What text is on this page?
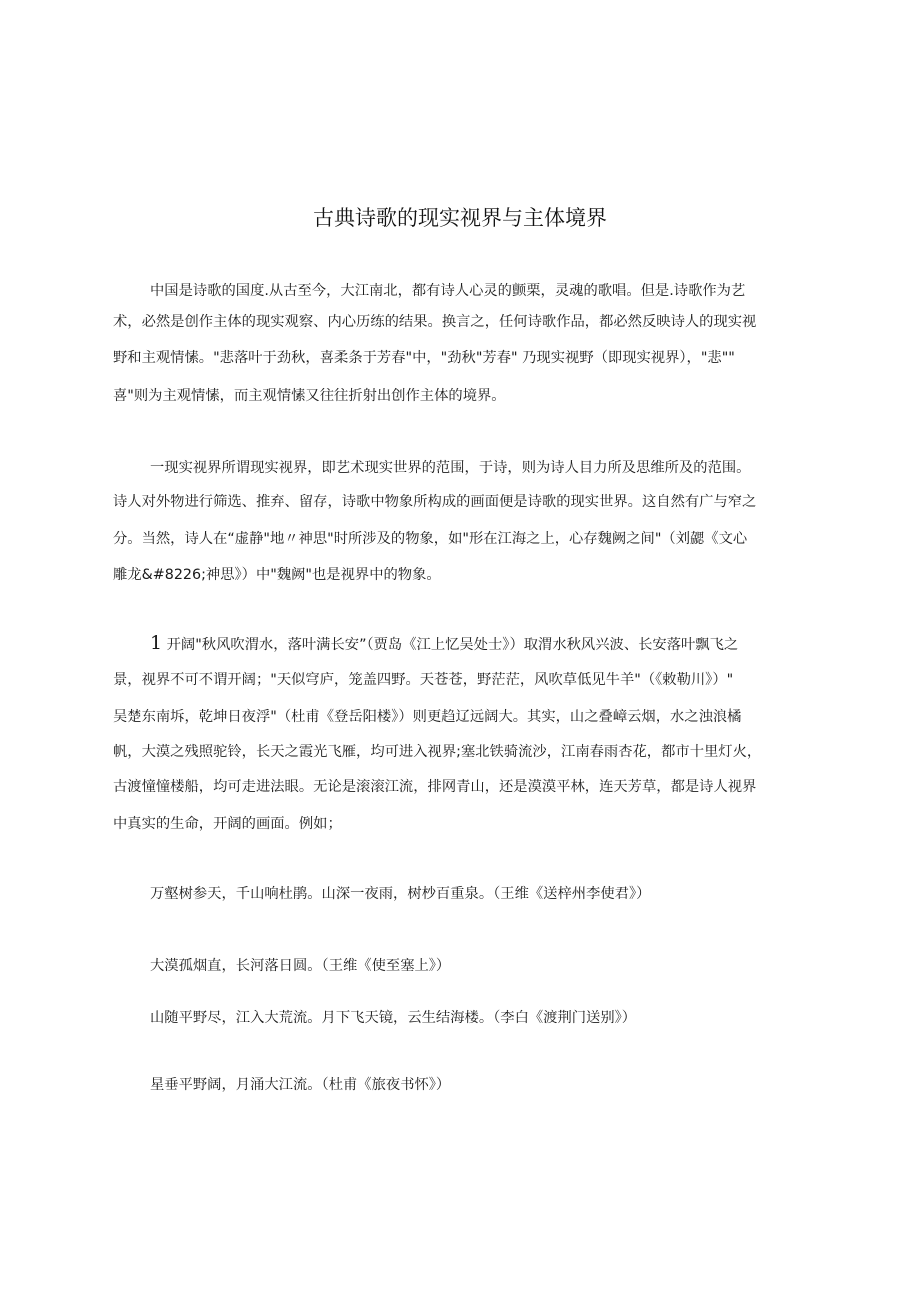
古典诗歌的现实视界与主体境界
中国是诗歌的国度.从古至今，大江南北，都有诗人心灵的颤栗，灵魂的歌唱。但是.诗歌作为艺
术，必然是创作主体的现实观察、内心历练的结果。换言之，任何诗歌作品，都必然反映诗人的现实视
野和主观情愫。"悲落叶于劲秋，喜柔条于芳春"中，"劲秋"芳春" 乃现实视野（即现实视界），"悲""
喜"则为主观情愫，而主观情愫又往往折射出创作主体的境界。
一现实视界所谓现实视界，即艺术现实世界的范围，于诗，则为诗人目力所及思维所及的范围。
诗人对外物进行筛选、推弃、留存，诗歌中物象所构成的画面便是诗歌的现实世界。这自然有广与窄之
分。当然，诗人在“虚静"地〃神思"时所涉及的物象，如"形在江海之上，心存魏阙之间"（刘勰《文心
雕龙&#8226;神思》）中"魏阙"也是视界中的物象。
1 开阔"秋风吹渭水，落叶满长安”（贾岛《江上忆吴处士》）取渭水秋风兴波、长安落叶飘飞之
景，视界不可不谓开阔；"天似穹庐，笼盖四野。天苍苍，野茫茫，风吹草低见牛羊"（《敕勒川》）"
吴楚东南坼，乾坤日夜浮"（杜甫《登岳阳楼》）则更趋辽远阔大。其实，山之叠嶂云烟，水之浊浪橘
帆，大漠之残照驼铃，长天之霞光飞雁，均可进入视界;塞北铁骑流沙，江南春雨杏花，都市十里灯火，
古渡憧憧楼船，均可走进法眼。无论是滚滚江流，排网青山，还是漠漠平林，连天芳草，都是诗人视界
中真实的生命，开阔的画面。例如；
万壑树参天，千山响杜鹃。山深一夜雨，树杪百重泉。（王维《送梓州李使君》）
大漠孤烟直，长河落日圆。（王维《使至塞上》）
山随平野尽，江入大荒流。月下飞天镜，云生结海楼。（李白《渡荆门送别》）
星垂平野阔，月涌大江流。（杜甫《旅夜书怀》）
